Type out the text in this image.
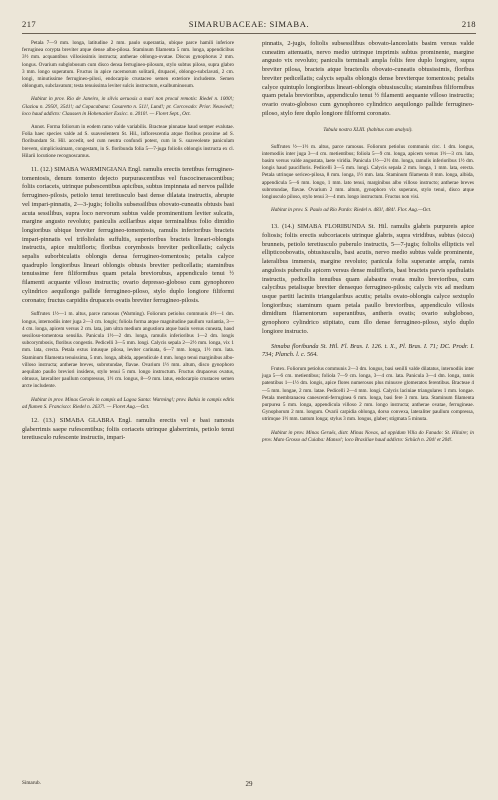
217	SIMARUBACEAE: SIMABA.	218

Petala 7—9 mm. longa, latitudine 2 mm. paulo superantia, ubique parce hamili inferiore ferruginea corypta breviter atque dense albo-pilosa. Staminum filamenta 5 mm. longa, appendicibus 3½ mm. acquantibus villosissimis instructa; antherae oblongo-ovatae. Discus gynophorus 2 mm. longus. Ovarium subglobosum cum disco densa ferrugineo-pilosum, stylo subtus piloso, supra glabro 3 mm. longo superatum. Fructus in apice racemorum solitarii, drupacei, oblongo-subclavati, 2 cm. longi, minutissime ferrugineo-pilosi, endocarpio crustaceo semen exteriore includente. Semen oblongum, subclavatum; testa tenuissima leviter sulcis instructum, exalbuminosum.

Habitat in prov. Rio de Janeiro, in silvis aeruosis a mari non procul remotis: Riedel n. 1000!; Glaziou n. 2950!, 3541!; ad Copacabana: Casaretto n. 511!, Lund!; pr. Corcovado: Prior. Neuwied!; loco haud addicto: Claussen in Hohenacker Exsicc. n. 2010!. — Floret Sept., Oct.

Annot. Forma foliorum in eodem ramo valde variabilis. Bracteae pinnatae haud semper evalutae. Folia haec species valde ad S. suaveolentem St. Hil., inflorescentia atque floribus proxime ad S. floribundam St. Hil. accedit, sed cum neutra confundi potest, cum in S. suaveolente paniculam brevem, simplicissimam, congestam, in S. floribunda folia 5—7-juga foliolis oblongis instructa ex cl. Hilarii locutione recognoscamus.

11. (12.) SIMABA WARMINGIANA Engl. ramulis erectis teretibus ferrugineo-tomentosis, denum tomento dejecto purpurascentibus vel fuscocinerascentibus; foliis coriaceis, utrinque pubescentibus apicibus, subtus impinnata ad nervos pallide ferrugineo-pilosis, petiolo tenui teretiusculo basi dense dilatata instructis, abrupte vel impari-pinnatis, 2—3-jugis; foliolis subsessilibus obovato-cuneatis obtusis basi acuta sessilibus, supra loco nervorum subtus valde prominentium leviter sulcatis, margine angusto revoluto; paniculis axillaribus atque terminalibus folio dimidio longioribus ubique breviter ferrugineo-tomentosis, ramulis inferioribus bracteis impari-pinnatis vel trifoliolatis suffultis, superioribus bracteis lineari-oblongis instructis, apice multifloris; floribus corymbosis breviter pedicellatis; calycis sepalis suborbiculatis oblongis densa ferrugineo-tomentosis; petalis calyce quadruplo longioribus lineari oblongis obtusis breviter pedicellatis; staminibus tenuissime fere filiformibus quam petala breviorubus, appendiculo tenui ½ filamenti acquante villoso instructis; ovario depresso-globoso cum gynophoreo cylindrico aequilongo pallide ferrugineo-piloso, stylo duplo longiore filiformi coronato; fructus carpidiis drupaceis ovatis breviter ferrugineo-pilosis.

Suffrutex 1½—1 m. altus, parce ramosus (Warming). Foliorum petiolus communis 4½—1 dm. longus, internodiis inter juga 2—3 cm. longis; foliola forma atque magnitudine paullum variantia, 3—4 cm. longa, apicem versus 2 cm. lata, jam ultra medium angustiora atque basin versus cuneata, haud sessiloso-tomentosa sensilia. Panicula 1½—2 dm. longa, ramulis inferioribus 1—2 dm. longis subcorymbosis, floribus congestis. Pedicelli 3—5 mm. longi. Calycis sepala 2—2½ mm. longa, vix 1 mm. lata, crecta. Petala extus intusque pilosa, leviter carinata, 6—7 mm. longa, 1½ mm. lata. Staminum filamenta tenuissima, 5 mm. longa, albida, appendicule 4 mm. longo tenui marginibus albo-villoso instructa; antherae breves, subrotundae, flavae. Ovarium 1½ mm. altum, disco gynophoro aequilato paullo breviori insidens, stylo tenui 5 mm. longo instructum. Fructus drupaceus ovatus, obtusus, lateraliter paullum compressus, 1½ cm. longus, 8—9 mm. latus, endocarpio crustaceo semen arcte includente.

Habitat in prov. Minas Geraës in campis ad Lagoa Santa: Warming!; prov. Bahia in campis editis ad flumen S. Francisco: Riedel n. 2637!. — Floret Aug.—Oct.

12. (13.) SIMABA GLABRA Engl. ramulis erectis vel e basi ramosis glaberrimis saepe rufescentibus; foliis coriaceis utrinque glaberrimis, petiolo tenui teretiusculo rufescente instructis, impari-

pinnatis, 2-jugis, foliolis subsessilibus obovato-lanceolatis basim versus valde cuneatim attenuatis, nervo medio utrinque imprimis subtus prominente, margine angusto vix revoluto; paniculis terminali ampla foliis fere duplo longiore, supra breviter pilosa, bracteis atque bracteolis obovato-cuneatis obtusissimis, floribus breviter pedicellatis; calycis sepalis oblongis dense breviterque tomentosis; petalis calyce quintuplo longioribus lineari-oblongis obtusiusculis; staminibus filiformibus quam petala brevioribus, appendiculo tenui ½ filamenti aequante villoso instructis; ovario ovato-globoso cum gynophoreo cylindrico aequilongo pallide ferrugineo-piloso, stylo fere duplo longiore filiformi coronato.

Tabula nostra XLIII. (habitus cum analysi).

Suffrutex ½—1½ m. altus, parce ramosus. Foliorum petiolus communis circ. 1 dm. longus, internodiis inter juga 3—4 cm. metientibus; foliola 5—9 cm. longa, apicem versus 1½—3 cm. lata, basim versus valde angustata, laete viridia. Panicula 1½—2½ dm. longa, ramulis inferioribus 1½ dm. longis haud paucifloris. Pedicelli 3—5 mm. longi. Calycis sepala 2 mm. longa, 1 mm. lata, erecta. Petala utrinque sericeo-pilosa, 8 mm. longa, 1½ mm. lata. Staminum filamenta 8 mm. longa, albida, appendicula 5—6 mm. longo, 1 mm. lato tenui, marginibus albo villoso instructo; antherae breves subrotundae, flavae. Ovarium 2 mm. altum, gynophoro vix superans, stylo tenui, disco atque longiusculo piloso, stylo tenui 3—4 mm. longo instructum. Fructus non visi.

Habitat in prov. S. Paulo ad Rio Pardo: Riedel n. 483!, 484!. Flor. Aug.—Oct.

13. (14.) SIMABA FLORIBUNDA St. Hil. ramulis glabris purpureis apice foliosis; foliis erectis subcoriaceis utrinque glabris, supra viridibus, subtus (sicca) brunneis, petiolo teretiusculo puberulo instructis, 5—7-jugis; foliolis ellipticis vel ellipticoobovatis, obtusiusculis, basi acutis, nervo medio subtus valde prominente, lateralibus immersis, margine revoluto; panicula folia superante ampla, ramis angulosis puberulis apicem versus dense multifloris, basi bracteis parvis spathulatis instructis, pedicellis tenuibus quam alabastra ovata multo brevioribus, cum calycibus petalisque breviter densequo ferrugineo-pilosis; calycis vix ad medium usque partiti laciniis triangularibus acutis; petalis ovato-oblongis calyce sextuplo longioribus; staminum quam petala paullo brevioribus, appendiculo villosis dimidium filamentorum superantibus, antheris ovatis; ovario subgloboso, gynophoro cylindrico stipitato, cum illo dense ferrugineo-piloso, stylo duplo longiore instructo.

Simaba floribunda St. Hil. Fl. Bras. I. 126. t. X., Pl. Bras. I. 71; DC. Prodr. I. 734; Planch. l. c. 564.

Frutex. Foliorum petiolus communis 2—3 dm. longus, basi senilli valde dilatatus, internodiis inter juga 5—6 cm. metientibus; foliola 7—9 cm. longa, 3—4 cm. lata. Panicula 3—4 dm. longa, ramis patentibus 1—1½ dm. longis, apice flores numerosos plus minusve glomeratos ferentibus. Bracteae 4—5 mm. longae, 2 mm. latae. Pedicelli 2—4 mm. longi. Calycis laciniae triangulares 1 mm. longae. Petala membranacea canescenti-ferruginea 6 mm. longa, basi fere 3 mm. lata. Staminum filamenta purpurea 5 mm. longa, appendicula villoso 2 mm. longo instructa; antherae ovatae, ferrugineae. Gynophorum 2 mm. longum. Ovarii carpidia oblonga, dorso convexa, lateraliter paullum compressa, utrimque 1½ mm. tantum longa; stylus 3 mm. longus, glaber; stigmata 5 minuta.

Habitat in prov. Minas Geraës, distr. Minas Novas, ad oppidum Villa do Fanado: St. Hilaire; in prov. Mato Grosso ad Cuiaba: Manso!; loco Brasiliae haud addicto: Schüch n. 204! et 204!.

Simarub.	29
